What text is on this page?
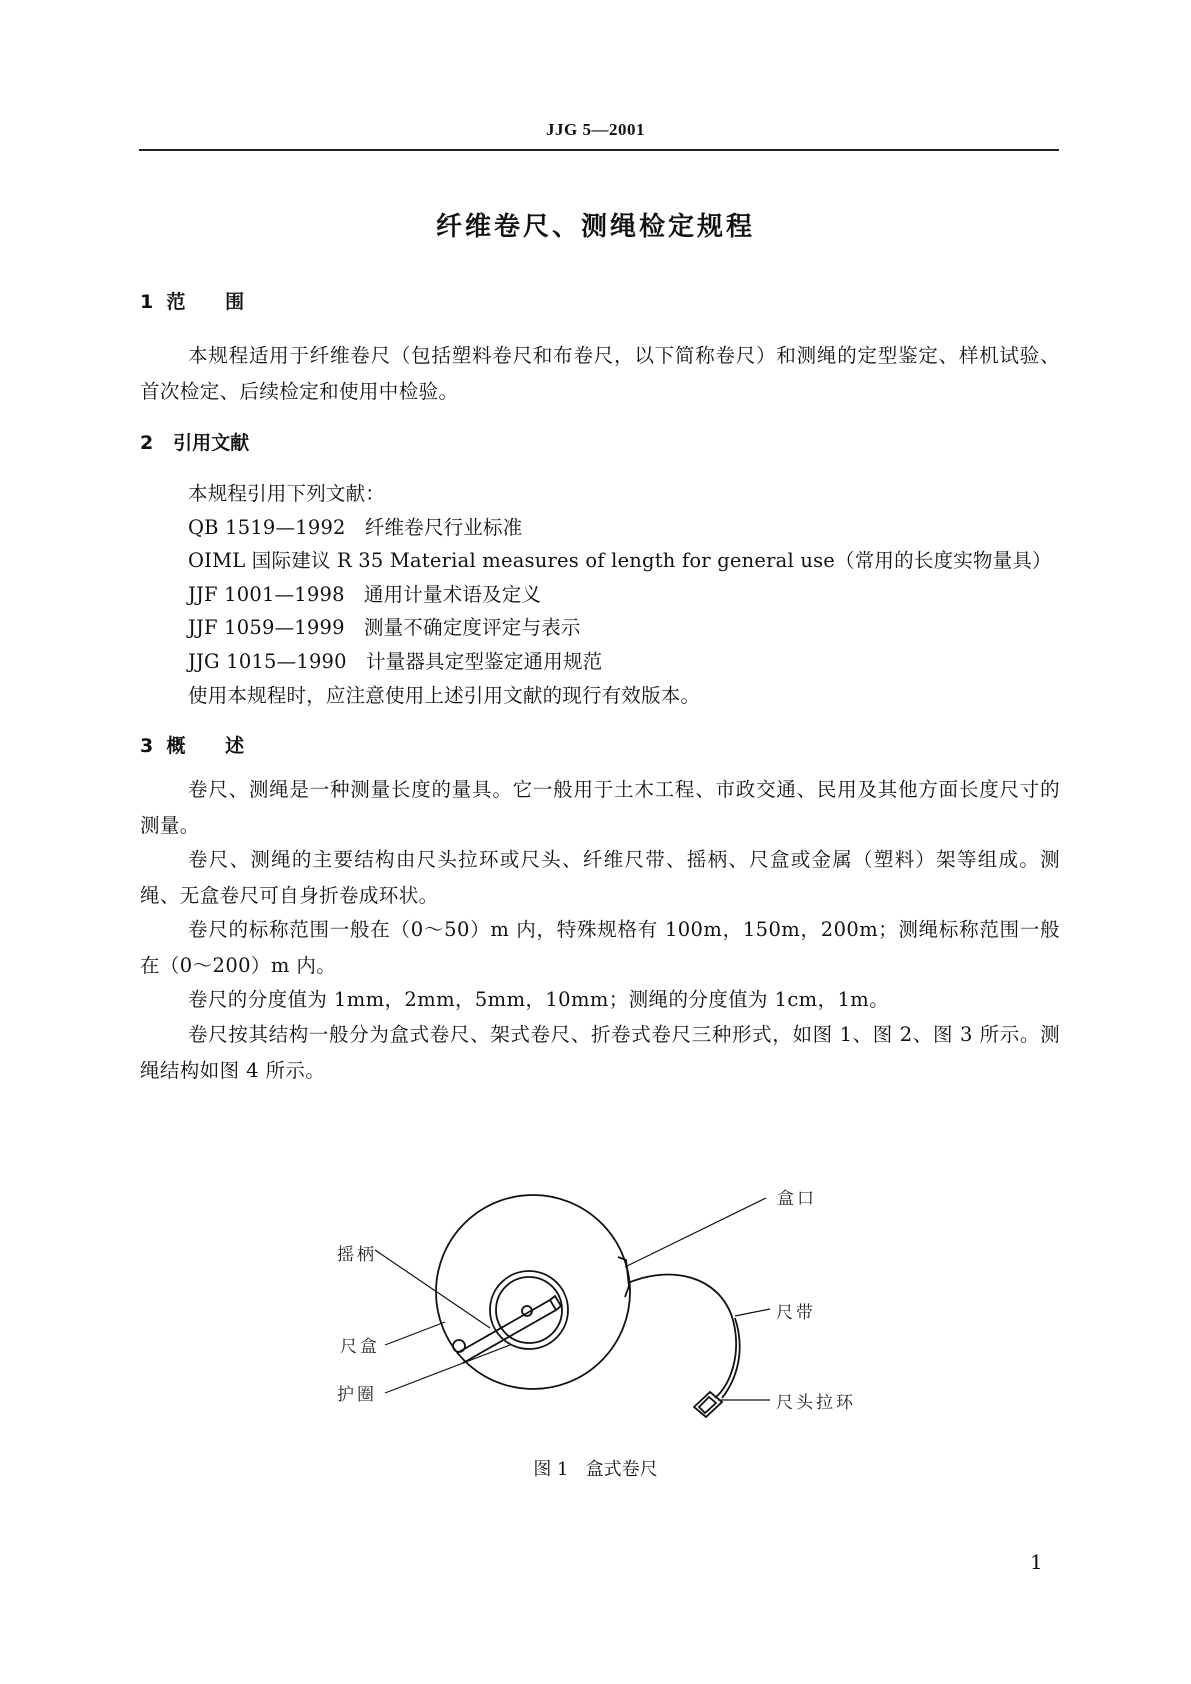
JJG 5—2001
纤维卷尺、测绳检定规程
1  范      围
本规程适用于纤维卷尺（包括塑料卷尺和布卷尺，以下简称卷尺）和测绳的定型鉴定、样机试验、首次检定、后续检定和使用中检验。
2   引用文献
本规程引用下列文献：
QB 1519—1992   纤维卷尺行业标准
OIML 国际建议 R 35 Material measures of length for general use（常用的长度实物量具）
JJF 1001—1998   通用计量术语及定义
JJF 1059—1999   测量不确定度评定与表示
JJG 1015—1990   计量器具定型鉴定通用规范
使用本规程时，应注意使用上述引用文献的现行有效版本。
3  概      述
卷尺、测绳是一种测量长度的量具。它一般用于土木工程、市政交通、民用及其他方面长度尺寸的测量。
卷尺、测绳的主要结构由尺头拉环或尺头、纤维尺带、摇柄、尺盒或金属（塑料）架等组成。测绳、无盒卷尺可自身折卷成环状。
卷尺的标称范围一般在（0～50）m 内，特殊规格有 100m，150m，200m；测绳标称范围一般在（0～200）m 内。
卷尺的分度值为 1mm，2mm，5mm，10mm；测绳的分度值为 1cm，1m。
卷尺按其结构一般分为盒式卷尺、架式卷尺、折卷式卷尺三种形式，如图 1、图 2、图 3 所示。测绳结构如图 4 所示。
摇柄
尺盒
护圈
盒口
尺带
尺头拉环
图 1   盒式卷尺
1
